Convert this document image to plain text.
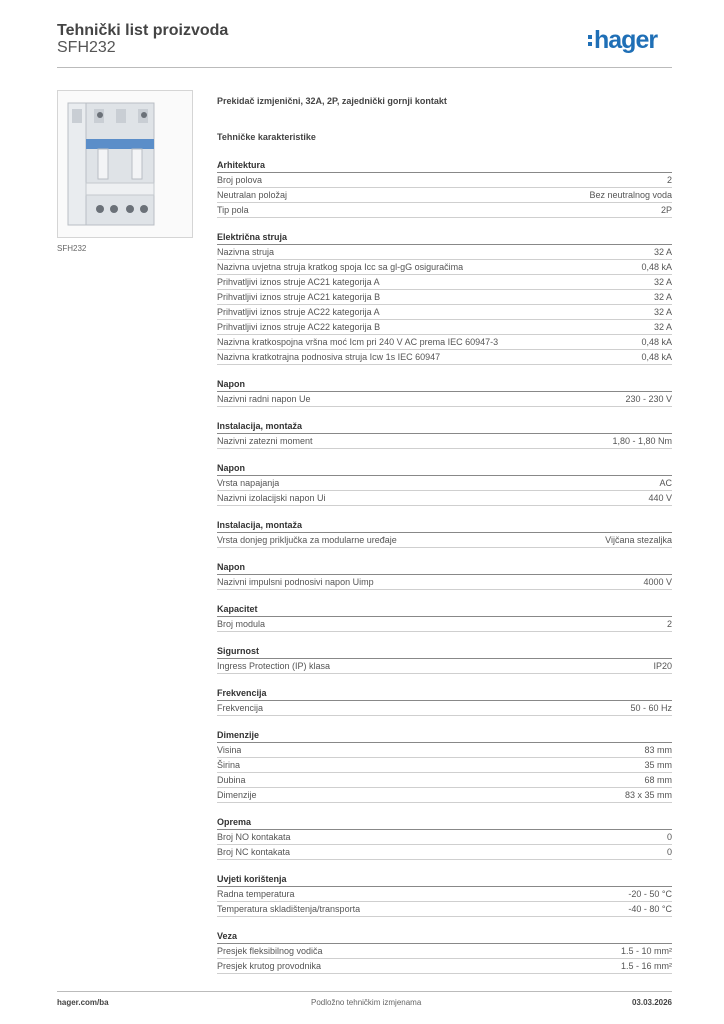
Tehnički list proizvoda
SFH232	hager
SFH232
Prekidač izmjenični, 32A, 2P, zajednički gornji kontakt
Tehničke karakteristike
Arhitektura
Broj polova	2
Neutralan položaj	Bez neutralnog voda
Tip pola	2P
Električna struja
Nazivna struja	32 A
Nazivna uvjetna struja kratkog spoja Icc sa gl-gG osiguračima	0,48 kA
Prihvatljivi iznos struje AC21 kategorija A	32 A
Prihvatljivi iznos struje AC21 kategorija B	32 A
Prihvatljivi iznos struje AC22 kategorija A	32 A
Prihvatljivi iznos struje AC22 kategorija B	32 A
Nazivna kratkospojna vršna moć Icm pri 240 V AC prema IEC 60947-3	0,48 kA
Nazivna kratkotrajna podnosiva struja Icw 1s IEC 60947	0,48 kA
Napon
Nazivni radni napon Ue	230 - 230 V
Instalacija, montaža
Nazivni zatezni moment	1,80 - 1,80 Nm
Napon
Vrsta napajanja	AC
Nazivni izolacijski napon Ui	440 V
Instalacija, montaža
Vrsta donjeg priključka za modularne uređaje	Vijčana stezaljka
Napon
Nazivni impulsni podnosivi napon Uimp	4000 V
Kapacitet
Broj modula	2
Sigurnost
Ingress Protection (IP) klasa	IP20
Frekvencija
Frekvencija	50 - 60 Hz
Dimenzije
Visina	83 mm
Širina	35 mm
Dubina	68 mm
Dimenzije	83 x 35 mm
Oprema
Broj NO kontakata	0
Broj NC kontakata	0
Uvjeti korištenja
Radna temperatura	-20 - 50 °C
Temperatura skladištenja/transporta	-40 - 80 °C
Veza
Presjek fleksibilnog vodiča	1.5 - 10 mm²
Presjek krutog provodnika	1.5 - 16 mm²
hager.com/ba	Podložno tehničkim izmjenama	03.03.2026
